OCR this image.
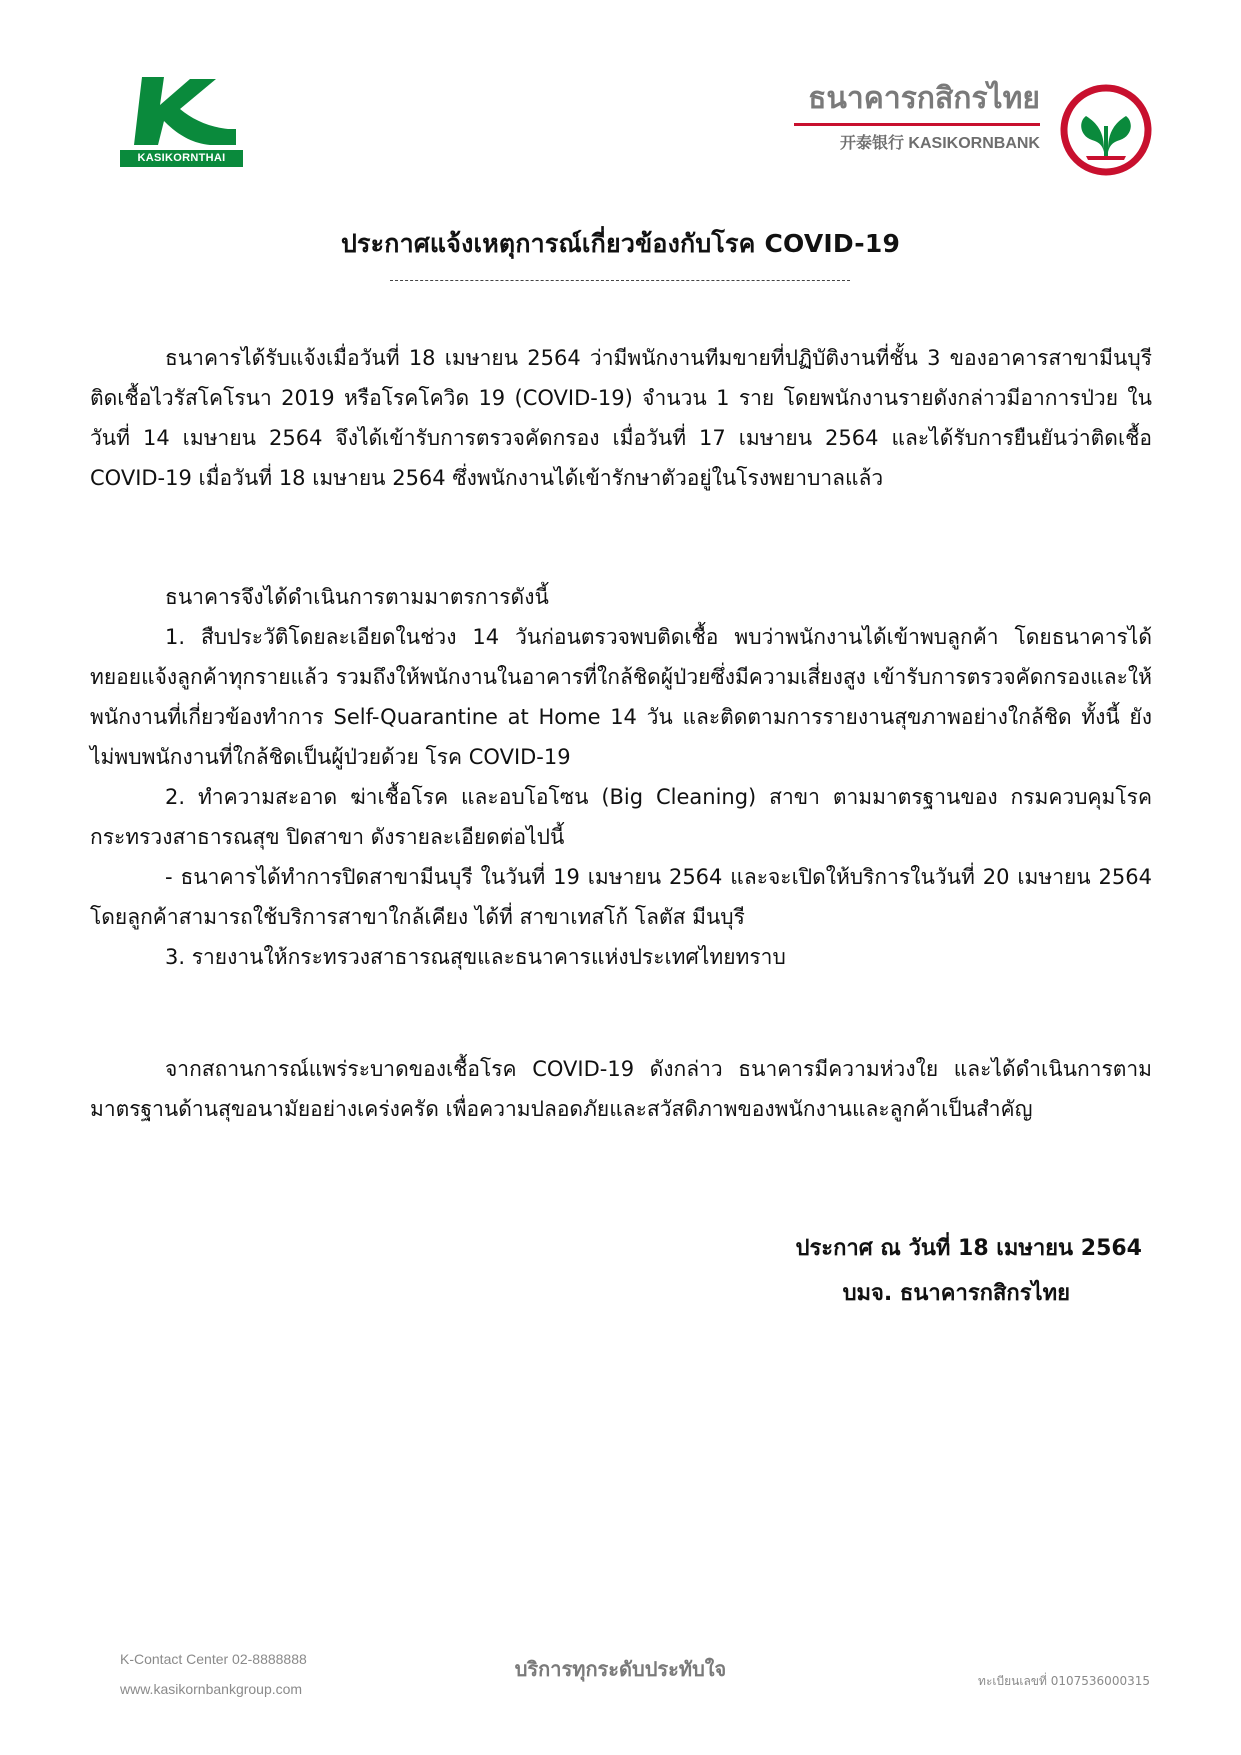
KASIKORNTHAI
ธนาคารกสิกรไทย
开泰银行 KASIKORNBANK
ประกาศแจ้งเหตุการณ์เกี่ยวข้องกับโรค COVID-19

ธนาคารได้รับแจ้งเมื่อวันที่ 18 เมษายน 2564 ว่ามีพนักงานทีมขายที่ปฏิบัติงานที่ชั้น 3 ของอาคารสาขามีนบุรี ติดเชื้อไวรัสโคโรนา 2019 หรือโรคโควิด 19 (COVID-19) จำนวน 1 ราย โดยพนักงานรายดังกล่าวมีอาการป่วย ในวันที่ 14 เมษายน 2564 จึงได้เข้ารับการตรวจคัดกรอง เมื่อวันที่ 17 เมษายน 2564 และได้รับการยืนยันว่าติดเชื้อ COVID-19 เมื่อวันที่ 18 เมษายน 2564 ซึ่งพนักงานได้เข้ารักษาตัวอยู่ในโรงพยาบาลแล้ว

ธนาคารจึงได้ดำเนินการตามมาตรการดังนี้

1. สืบประวัติโดยละเอียดในช่วง 14 วันก่อนตรวจพบติดเชื้อ พบว่าพนักงานได้เข้าพบลูกค้า โดยธนาคารได้ทยอยแจ้งลูกค้าทุกรายแล้ว รวมถึงให้พนักงานในอาคารที่ใกล้ชิดผู้ป่วยซึ่งมีความเสี่ยงสูง เข้ารับการตรวจคัดกรองและให้พนักงานที่เกี่ยวข้องทำการ Self-Quarantine at Home 14 วัน และติดตามการรายงานสุขภาพอย่างใกล้ชิด ทั้งนี้ ยังไม่พบพนักงานที่ใกล้ชิดเป็นผู้ป่วยด้วย โรค COVID-19

2. ทำความสะอาด ฆ่าเชื้อโรค และอบโอโซน (Big Cleaning) สาขา ตามมาตรฐานของ กรมควบคุมโรค กระทรวงสาธารณสุข ปิดสาขา ดังรายละเอียดต่อไปนี้

- ธนาคารได้ทำการปิดสาขามีนบุรี ในวันที่ 19 เมษายน 2564 และจะเปิดให้บริการในวันที่ 20 เมษายน 2564 โดยลูกค้าสามารถใช้บริการสาขาใกล้เคียง ได้ที่ สาขาเทสโก้ โลตัส มีนบุรี

3. รายงานให้กระทรวงสาธารณสุขและธนาคารแห่งประเทศไทยทราบ

จากสถานการณ์แพร่ระบาดของเชื้อโรค COVID-19 ดังกล่าว ธนาคารมีความห่วงใย และได้ดำเนินการตามมาตรฐานด้านสุขอนามัยอย่างเคร่งครัด เพื่อความปลอดภัยและสวัสดิภาพของพนักงานและลูกค้าเป็นสำคัญ

ประกาศ ณ วันที่ 18 เมษายน 2564
บมจ. ธนาคารกสิกรไทย
K-Contact Center 02-8888888
www.kasikornbankgroup.com
บริการทุกระดับประทับใจ	ทะเบียนเลขที่ 0107536000315
